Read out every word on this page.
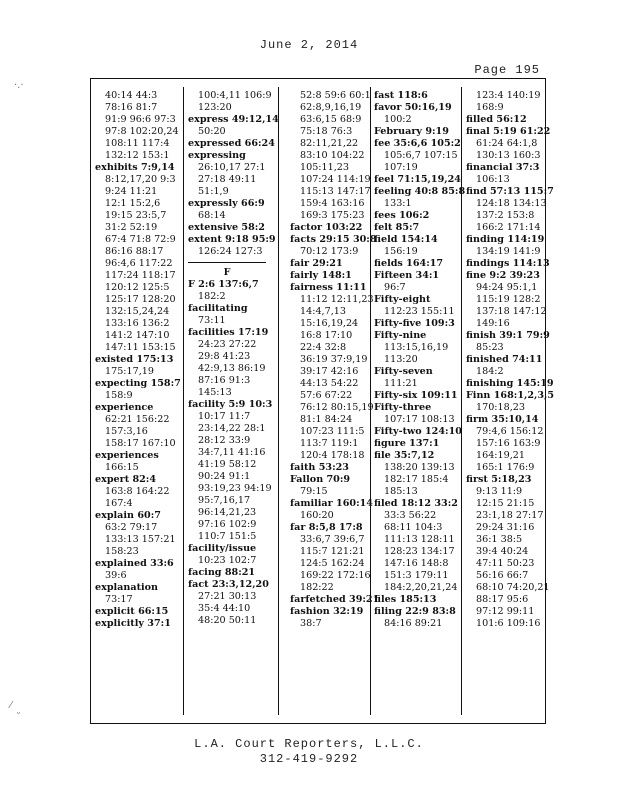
June 2, 2014
Page 195
·.·
⁄
˘
40:14 44:3
78:16 81:7
91:9 96:6 97:3
97:8 102:20,24
108:11 117:4
132:12 153:1
exhibits 7:9,14
8:12,17,20 9:3
9:24 11:21
12:1 15:2,6
19:15 23:5,7
31:2 52:19
67:4 71:8 72:9
86:16 88:17
96:4,6 117:22
117:24 118:17
120:12 125:5
125:17 128:20
132:15,24,24
133:16 136:2
141:2 147:10
147:11 153:15
existed 175:13
175:17,19
expecting 158:7
158:9
experience
62:21 156:22
157:3,16
158:17 167:10
experiences
166:15
expert 82:4
163:8 164:22
167:4
explain 60:7
63:2 79:17
133:13 157:21
158:23
explained 33:6
39:6
explanation
73:17
explicit 66:15
explicitly 37:1
100:4,11 106:9
123:20
express 49:12,14
50:20
expressed 66:24
expressing
26:10,17 27:1
27:18 49:11
51:1,9
expressly 66:9
68:14
extensive 58:2
extent 9:18 95:9
126:24 127:3
F
F 2:6 137:6,7
182:2
facilitating
73:11
facilities 17:19
24:23 27:22
29:8 41:23
42:9,13 86:19
87:16 91:3
145:13
facility 5:9 10:3
10:17 11:7
23:14,22 28:1
28:12 33:9
34:7,11 41:16
41:19 58:12
90:24 91:1
93:19,23 94:19
95:7,16,17
96:14,21,23
97:16 102:9
110:7 151:5
facility/issue
10:23 102:7
facing 88:21
fact 23:3,12,20
27:21 30:13
35:4 44:10
48:20 50:11
52:8 59:6 60:1
62:8,9,16,19
63:6,15 68:9
75:18 76:3
82:11,21,22
83:10 104:22
105:11,23
107:24 114:19
115:13 147:17
159:4 163:16
169:3 175:23
factor 103:22
facts 29:15 30:8
70:12 173:9
fair 29:21
fairly 148:1
fairness 11:11
11:12 12:11,23
14:4,7,13
15:16,19,24
16:8 17:10
22:4 32:8
36:19 37:9,19
39:17 42:16
44:13 54:22
57:6 67:22
76:12 80:15,19
81:1 84:24
107:23 111:5
113:7 119:1
120:4 178:18
faith 53:23
Fallon 70:9
79:15
familiar 160:14
160:20
far 8:5,8 17:8
33:6,7 39:6,7
115:7 121:21
124:5 162:24
169:22 172:16
182:22
farfetched 39:21
fashion 32:19
38:7
fast 118:6
favor 50:16,19
100:2
February 9:19
fee 35:6,6 105:2
105:6,7 107:15
107:19
feel 71:15,19,24
feeling 40:8 85:8
133:1
fees 106:2
felt 85:7
field 154:14
156:19
fields 164:17
Fifteen 34:1
96:7
Fifty-eight
112:23 155:11
Fifty-five 109:3
Fifty-nine
113:15,16,19
113:20
Fifty-seven
111:21
Fifty-six 109:11
Fifty-three
107:17 108:13
Fifty-two 124:10
figure 137:1
file 35:7,12
138:20 139:13
182:17 185:4
185:13
filed 18:12 33:2
33:3 56:22
68:11 104:3
111:13 128:11
128:23 134:17
147:16 148:8
151:3 179:11
184:2,20,21,24
files 185:13
filing 22:9 83:8
84:16 89:21
123:4 140:19
168:9
filled 56:12
final 5:19 61:22
61:24 64:1,8
130:13 160:3
financial 37:3
106:13
find 57:13 115:7
124:18 134:13
137:2 153:8
166:2 171:14
finding 114:19
134:19 141:9
findings 114:13
fine 9:2 39:23
94:24 95:1,1
115:19 128:2
137:18 147:12
149:16
finish 39:1 79:9
85:23
finished 74:11
184:2
finishing 145:19
Finn 168:1,2,3,5
170:18,23
firm 35:10,14
79:4,6 156:12
157:16 163:9
164:19,21
165:1 176:9
first 5:18,23
9:13 11:9
12:15 21:15
23:1,18 27:17
29:24 31:16
36:1 38:5
39:4 40:24
47:11 50:23
56:16 66:7
68:10 74:20,21
88:17 95:6
97:12 99:11
101:6 109:16
L.A. Court Reporters, L.L.C.
312-419-9292
